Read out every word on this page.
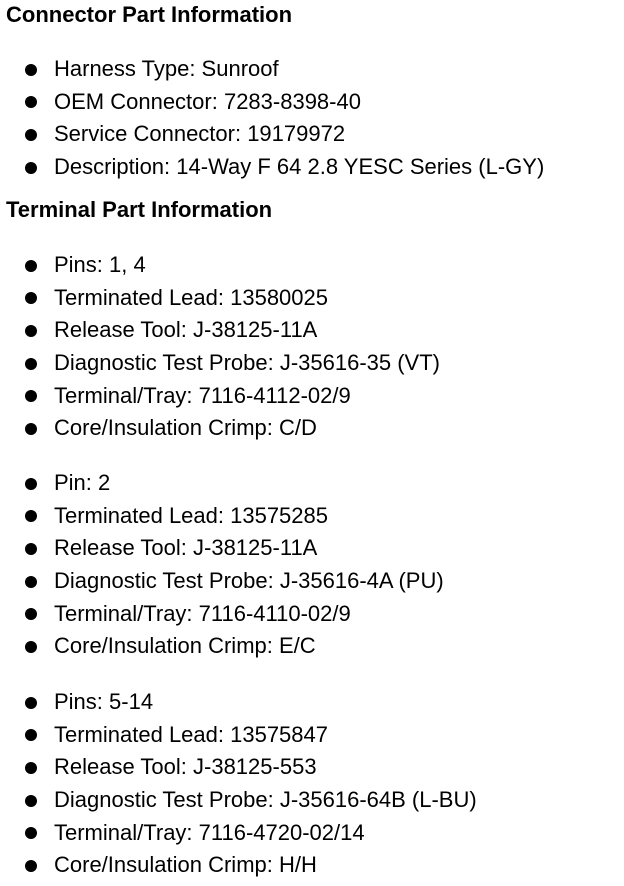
Connector Part Information
Harness Type: Sunroof
OEM Connector: 7283-8398-40
Service Connector: 19179972
Description: 14-Way F 64 2.8 YESC Series (L-GY)
Terminal Part Information
Pins: 1, 4
Terminated Lead: 13580025
Release Tool: J-38125-11A
Diagnostic Test Probe: J-35616-35 (VT)
Terminal/Tray: 7116-4112-02/9
Core/Insulation Crimp: C/D
Pin: 2
Terminated Lead: 13575285
Release Tool: J-38125-11A
Diagnostic Test Probe: J-35616-4A (PU)
Terminal/Tray: 7116-4110-02/9
Core/Insulation Crimp: E/C
Pins: 5-14
Terminated Lead: 13575847
Release Tool: J-38125-553
Diagnostic Test Probe: J-35616-64B (L-BU)
Terminal/Tray: 7116-4720-02/14
Core/Insulation Crimp: H/H
